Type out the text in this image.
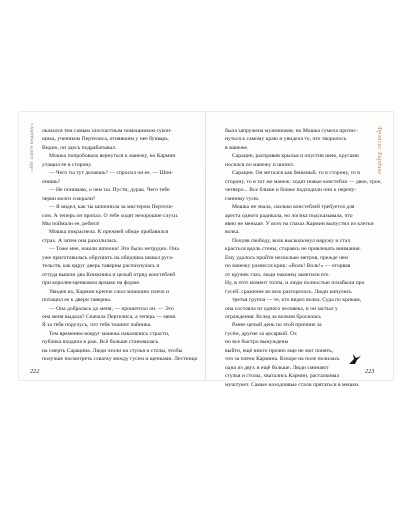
«Не злите ведьму»	Фрэнсис Хардинг

оказался тем самым злосчастным помощником сукон-
щика, учеником Пертелиса, отнявшим у нее букварь.
Видно, он здесь подрабатывал.
Мошка попробовала вернуться к манежу, но Кармин
утащил ее в сторону.
— Чего ты тут делаешь? — спросил он ее. — Шпи-
онишь?
— Не понимаю, о чем ты. Пусти, дурак. Чего тебе
черви мозги сожрали?
— Я видел, как ты шпионила за мистером Пертели-
сом. А теперь он пропал. О тебе ходят нехорошие слухи.
Мы поймали ее, ребята!
Мошка покраснела. К прежней обиде прибавился
страх. А затем она разозлилась.
— Тоже мне, нашли шпиона! Это было нетрудно. Она
уже приготовилась обрушить на обидчика шквал руга-
тельств, как вдруг дверь таверны распахнулась и
оттуда вышли два Книжника и целый отряд констеблей
при королев-щенковом ярлыке на форме.
Увидев их, Кармин крепче сжал мошкино плечо и
потащил ее к двери таверны.
— Она добралась до меня, — прошептал он. — Это
она меня выдала? Сначала Пертелиса, а теперь — меня.
Я за тебя поручусь, что тебя тошнит чайника.
Тем временем вокруг манежа накалялись страсти,
публика входила в раж. Всё больше становилась
на смерть Сарацина. Люди лезли на стулья и столы, чтобы
получше посмотреть схватку между гусем и щенками. Лестница

была запружена мужчинами, но Мошка сумела протис-
нуться к самому краю и увидела то, что творилось
в манеже.
Сарацин, расправив крылья и опустив шею, кругами
носился по манежу и шипел.
Сарацин. Он метался как бешеный, то в сторону, то в
сторону, то в тот же манеж: ходят новые констебли — двое, трое,
четверо... Все ближе и ближе подходили они к перепу-
ганному гусю.
Мошка не знала, сколько констеблей требуется для
ареста одного радикала, но логика подсказывала, что
явно не меньше. У всех на глазах Кармин выпустил из клетки
волка.
Почуяв свободу, волк выскользнул наружу и стал
красться вдоль стены, стараясь не привлекать внимания.
Ему удалось пройти несколько метров, прежде чем
по манежу разнесся крик: «Волк! Волк!» — оторвав
от кружек глаз, люди наконец заметили его.
Ну, в этот момент толпа, и люди полностью позабыли про
гусей: сражение во всю разгорелось. Люди кинулись
третья группа — те, кто видел волка. Суда по крикам,
она состояла из одного человека, и он застыл у
ограждения. Вслед за волком бросилась
Ранее целый день по этой причине за
гусём, другие за цесаркой. Ох
но все быстро вынуждены
выйти, ещё никто прочно еще не мог понять,
что за плечи Кармина. Вскоре на поле полилась
одна из двух и ещё больше. Люди сминают
стулья и столы, хватались Кармин, расталкивал
муштукет. Самые находчивые стали прятаться в мешки.

222	223
